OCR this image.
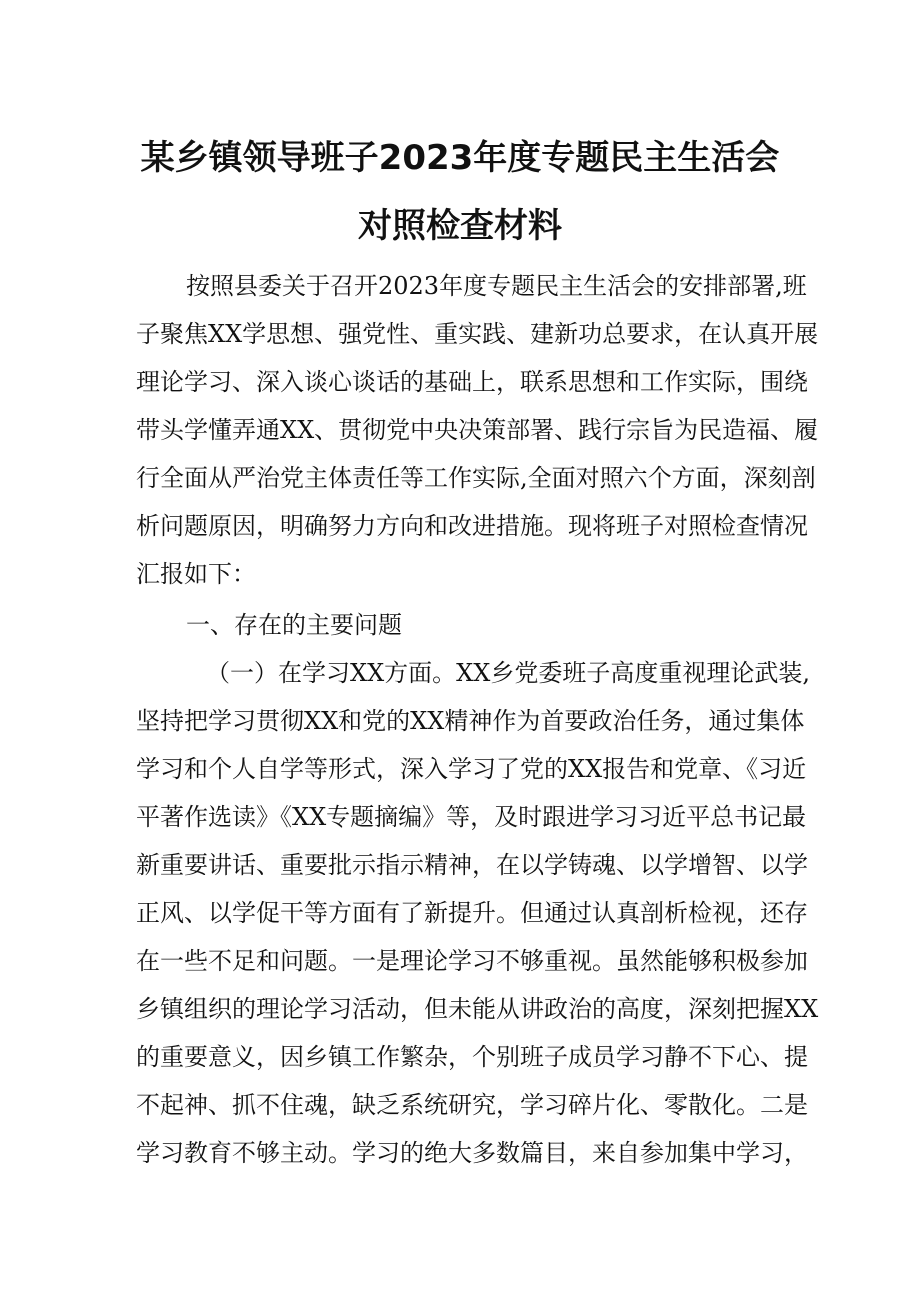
某乡镇领导班子2023年度专题民主生活会
对照检查材料
按照县委关于召开2023年度专题民主生活会的安排部署,班
子聚焦XX学思想、强党性、重实践、建新功总要求，在认真开展
理论学习、深入谈心谈话的基础上，联系思想和工作实际，围绕
带头学懂弄通XX、贯彻党中央决策部署、践行宗旨为民造福、履
行全面从严治党主体责任等工作实际,全面对照六个方面，深刻剖
析问题原因，明确努力方向和改进措施。现将班子对照检查情况
汇报如下：
一、存在的主要问题
（一）在学习XX方面。XX乡党委班子高度重视理论武装,
坚持把学习贯彻XX和党的XX精神作为首要政治任务，通过集体
学习和个人自学等形式，深入学习了党的XX报告和党章、《习近
平著作选读》《XX专题摘编》等，及时跟进学习习近平总书记最
新重要讲话、重要批示指示精神，在以学铸魂、以学增智、以学
正风、以学促干等方面有了新提升。但通过认真剖析检视，还存
在一些不足和问题。一是理论学习不够重视。虽然能够积极参加
乡镇组织的理论学习活动，但未能从讲政治的高度，深刻把握XX
的重要意义，因乡镇工作繁杂，个别班子成员学习静不下心、提
不起神、抓不住魂，缺乏系统研究，学习碎片化、零散化。二是
学习教育不够主动。学习的绝大多数篇目，来自参加集中学习，
